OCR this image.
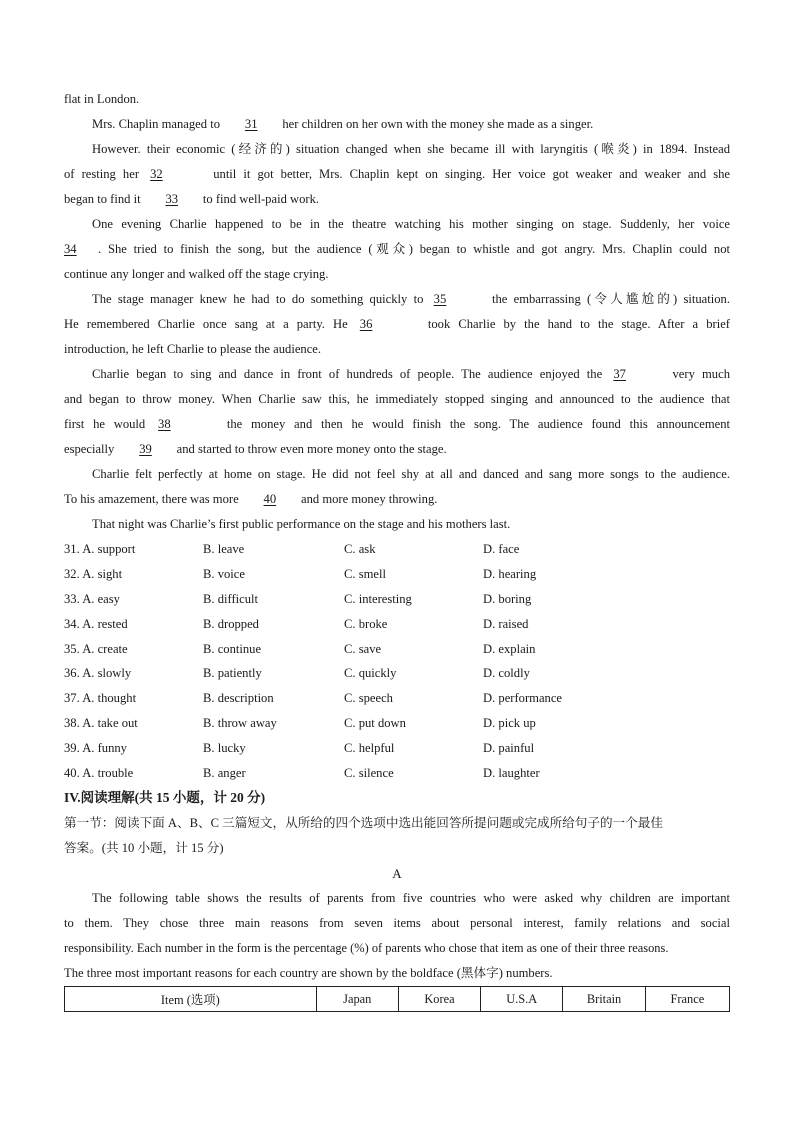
flat in London.
Mrs. Chaplin managed to 31 her children on her own with the money she made as a singer.
However. their economic (经济的) situation changed when she became ill with laryngitis (喉炎) in 1894. Instead
of resting her 32	until it got better, Mrs. Chaplin kept on singing. Her voice got weaker and weaker and she
began to find it 33 to find well-paid work.
One evening Charlie happened to be in the theatre watching his mother singing on stage. Suddenly, her voice
34 . She tried to finish the song, but the audience (观众) began to whistle and got angry. Mrs. Chaplin could not
continue any longer and walked off the stage crying.
The stage manager knew he had to do something quickly to 35	the embarrassing (令人尴尬的) situation.
He remembered Charlie once sang at a party. He 36	took Charlie by the hand to the stage. After a brief
introduction, he left Charlie to please the audience.
Charlie began to sing and dance in front of hundreds of people. The audience enjoyed the 37	very much
and began to throw money. When Charlie saw this, he immediately stopped singing and announced to the audience that
first he would 38	the money and then he would finish the song. The audience found this announcement
especially 39 and started to throw even more money onto the stage.
Charlie felt perfectly at home on stage. He did not feel shy at all and danced and sang more songs to the audience.
To his amazement, there was more 40 and more money throwing.
That night was Charlie’s first public performance on the stage and his mothers last.
31. A. support	B. leave	C. ask	D. face
32. A. sight	B. voice	C. smell	D. hearing
33. A. easy	B. difficult	C. interesting	D. boring
34. A. rested	B. dropped	C. broke	D. raised
35. A. create	B. continue	C. save	D. explain
36. A. slowly	B. patiently	C. quickly	D. coldly
37. A. thought	B. description	C. speech	D. performance
38. A. take out	B. throw away	C. put down	D. pick up
39. A. funny	B. lucky	C. helpful	D. painful
40. A. trouble	B. anger	C. silence	D. laughter
IV.阅读理解(共 15 小题，计 20 分)
第一节：阅读下面 A、B、C 三篇短文，从所给的四个选项中选出能回答所提问题或完成所给句子的一个最佳
答案。(共 10 小题，计 15 分)
A
The following table shows the results of parents from five countries who were asked why children are important
to them. They chose three main reasons from seven items about personal interest, family relations and social
responsibility. Each number in the form is the percentage (%) of parents who chose that item as one of their three reasons.
The three most important reasons for each country are shown by the boldface (黑体字) numbers.
Item (选项)	Japan	Korea	U.S.A	Britain	France
